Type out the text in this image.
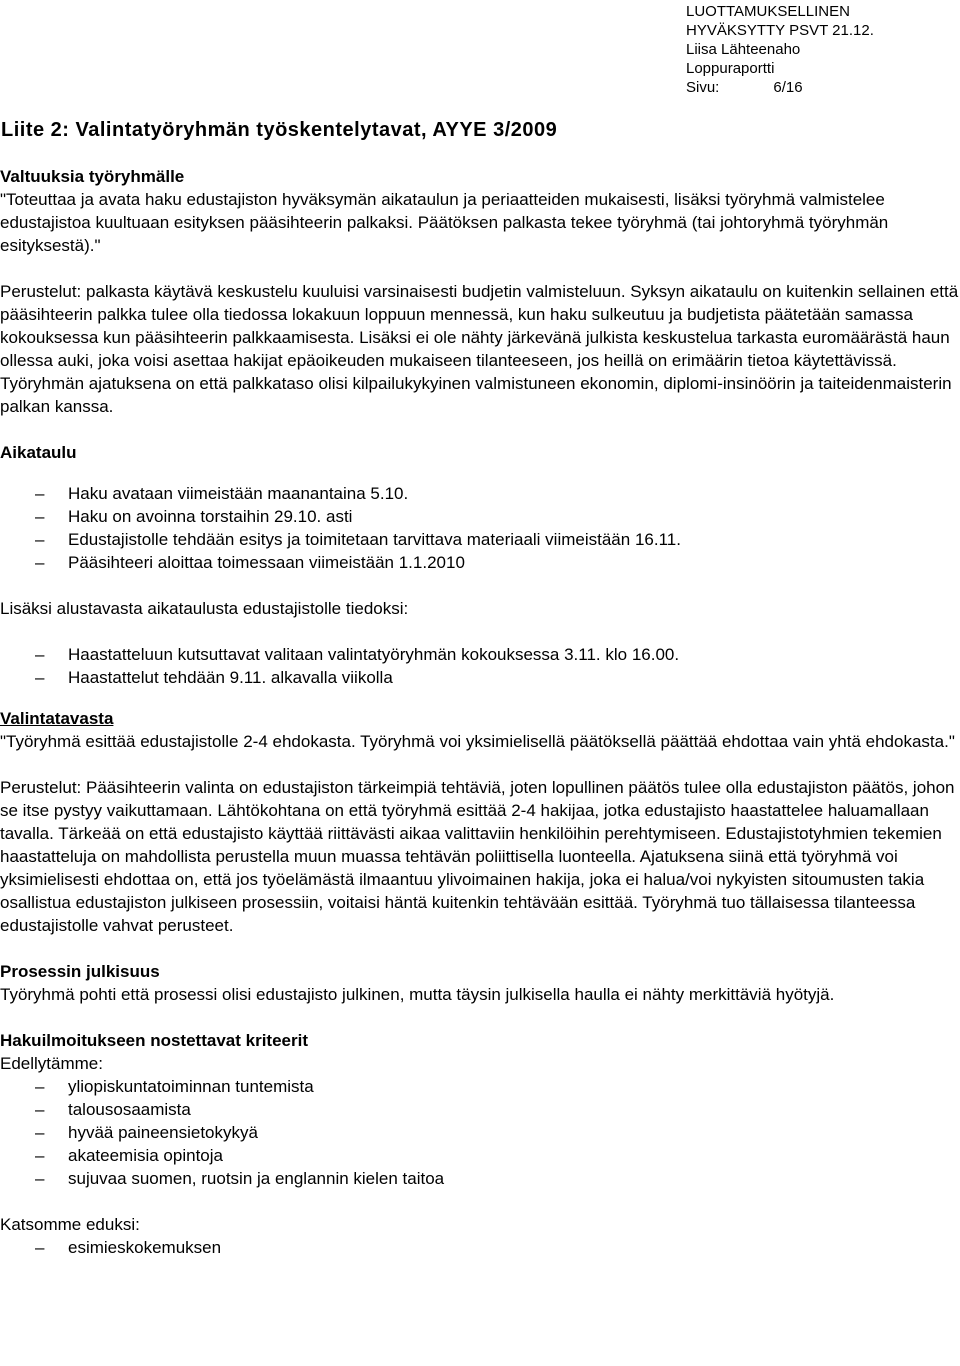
LUOTTAMUKSELLINEN
HYVÄKSYTTY PSVT 21.12.
Liisa Lähteenaho
Loppuraportti
Sivu:	6/16
Liite 2: Valintatyöryhmän työskentelytavat, AYYE 3/2009
Valtuuksia työryhmälle

"Toteuttaa ja avata haku edustajiston hyväksymän aikataulun ja periaatteiden mukaisesti, lisäksi työryhmä valmistelee edustajistoa kuultuaan esityksen pääsihteerin palkaksi. Päätöksen palkasta tekee työryhmä (tai johtoryhmä työryhmän esityksestä)."

Perustelut: palkasta käytävä keskustelu kuuluisi varsinaisesti budjetin valmisteluun. Syksyn aikataulu on kuitenkin sellainen että pääsihteerin palkka tulee olla tiedossa lokakuun loppuun mennessä, kun haku sulkeutuu ja budjetista päätetään samassa kokouksessa kun pääsihteerin palkkaamisesta. Lisäksi ei ole nähty järkevänä julkista keskustelua tarkasta euromäärästä haun ollessa auki, joka voisi asettaa hakijat epäoikeuden mukaiseen tilanteeseen, jos heillä on erimäärin tietoa käytettävissä. Työryhmän ajatuksena on että palkkataso olisi kilpailukykyinen valmistuneen ekonomin, diplomi-insinöörin ja taiteidenmaisterin palkan kanssa.

Aikataulu
– Haku avataan viimeistään maanantaina 5.10.
– Haku on avoinna torstaihin 29.10. asti
– Edustajistolle tehdään esitys ja toimitetaan tarvittava materiaali viimeistään 16.11.
– Pääsihteeri aloittaa toimessaan viimeistään 1.1.2010

Lisäksi alustavasta aikataulusta edustajistolle tiedoksi:

– Haastatteluun kutsuttavat valitaan valintatyöryhmän kokouksessa 3.11. klo 16.00.
– Haastattelut tehdään 9.11. alkavalla viikolla
Valintatavasta

"Työryhmä esittää edustajistolle 2-4 ehdokasta. Työryhmä voi yksimielisellä päätöksellä päättää ehdottaa vain yhtä ehdokasta."

Perustelut: Pääsihteerin valinta on edustajiston tärkeimpiä tehtäviä, joten lopullinen päätös tulee olla edustajiston päätös, johon se itse pystyy vaikuttamaan. Lähtökohtana on että työryhmä esittää 2-4 hakijaa, jotka edustajisto haastattelee haluamallaan tavalla. Tärkeää on että edustajisto käyttää riittävästi aikaa valittaviin henkilöihin perehtymiseen. Edustajistotyhmien tekemien haastatteluja on mahdollista perustella muun muassa tehtävän poliittisella luonteella. Ajatuksena siinä että työryhmä voi yksimielisesti ehdottaa on, että jos työelämästä ilmaantuu ylivoimainen hakija, joka ei halua/voi nykyisten sitoumusten takia osallistua edustajiston julkiseen prosessiin, voitaisi häntä kuitenkin tehtävään esittää. Työryhmä tuo tällaisessa tilanteessa edustajistolle vahvat perusteet.

Prosessin julkisuus

Työryhmä pohti että prosessi olisi edustajisto julkinen, mutta täysin julkisella haulla ei nähty merkittäviä hyötyjä.

Hakuilmoitukseen nostettavat kriteerit

Edellytämme:

– yliopiskuntatoiminnan tuntemista
– talousosaamista
– hyvää paineensietokykyä
– akateemisia opintoja
– sujuvaa suomen, ruotsin ja englannin kielen taitoa

Katsomme eduksi:

– esimieskokemuksen
